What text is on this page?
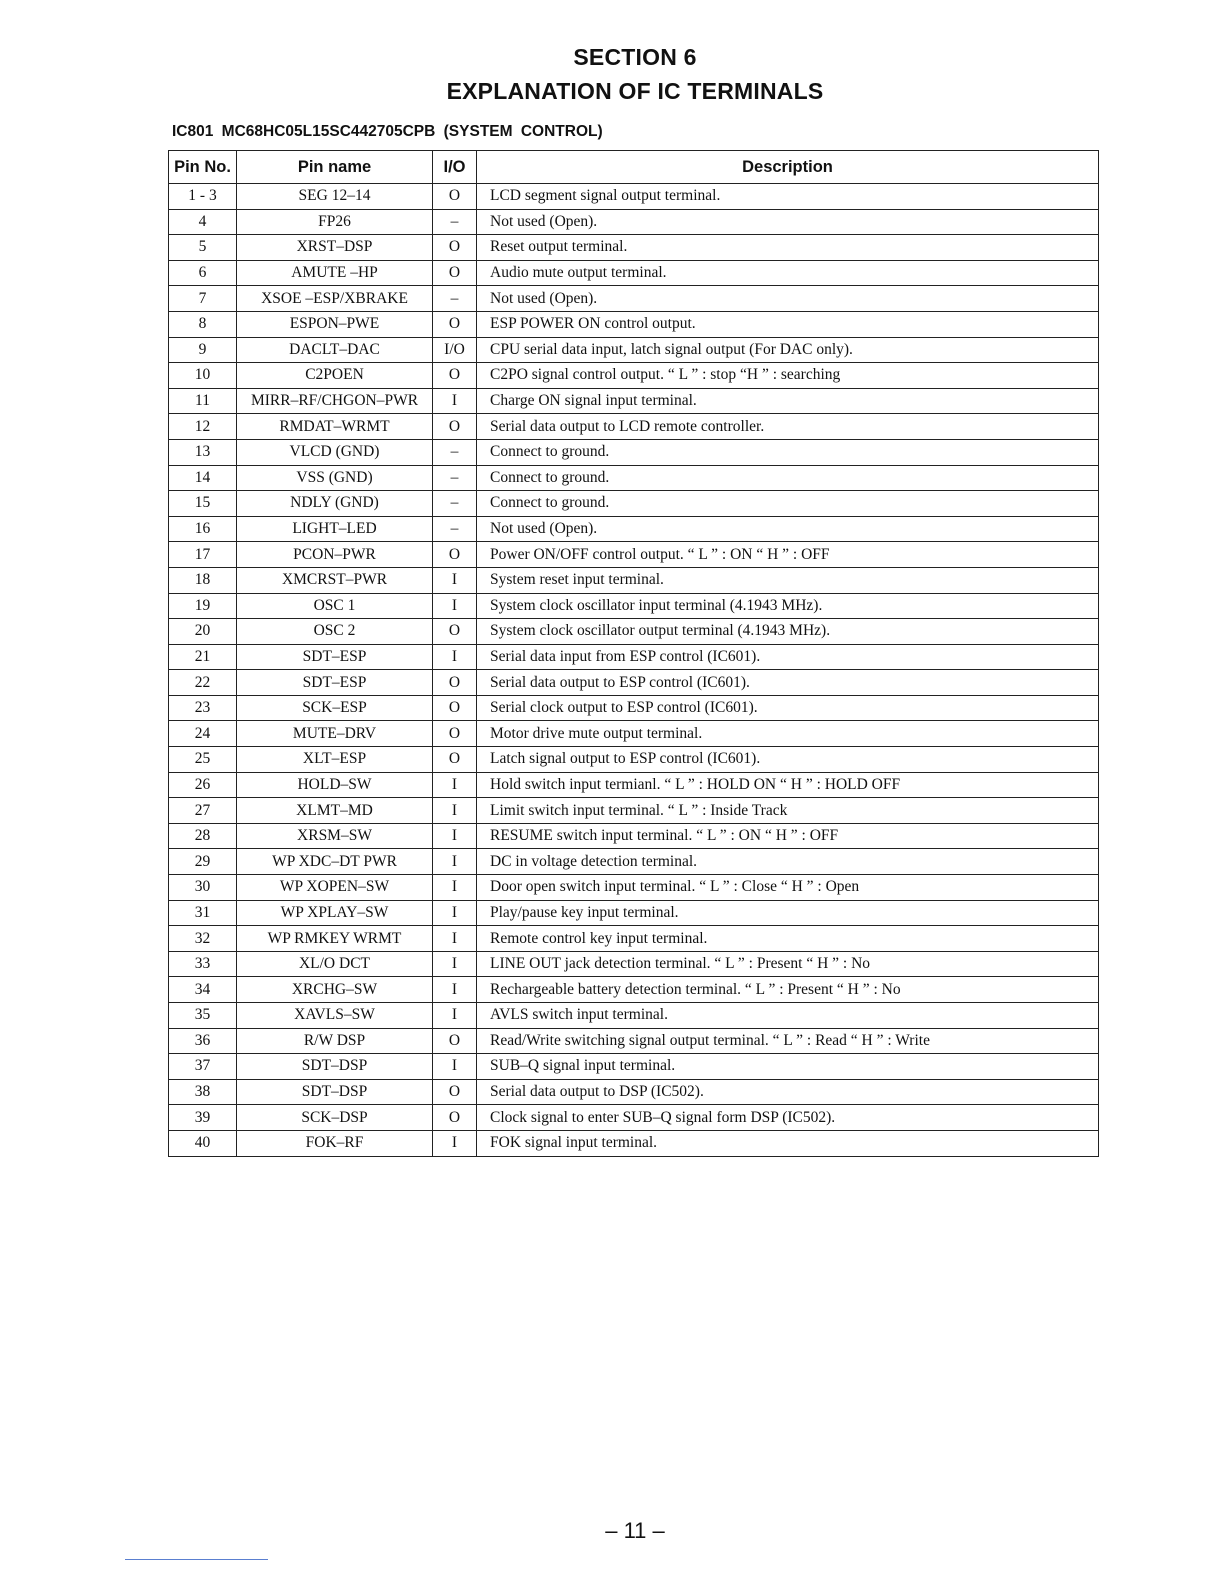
SECTION 6
EXPLANATION OF IC TERMINALS
IC801 MC68HC05L15SC442705CPB (SYSTEM CONTROL)
Pin No.	Pin name	I/O	Description
1 - 3	SEG 12–14	O	LCD segment signal output terminal.
4	FP26	–	Not used (Open).
5	XRST–DSP	O	Reset output terminal.
6	AMUTE –HP	O	Audio mute output terminal.
7	XSOE –ESP/XBRAKE	–	Not used (Open).
8	ESPON–PWE	O	ESP POWER ON control output.
9	DACLT–DAC	I/O	CPU serial data input, latch signal output (For DAC only).
10	C2POEN	O	C2PO signal control output. “ L ” : stop “H ” : searching
11	MIRR–RF/CHGON–PWR	I	Charge ON signal input terminal.
12	RMDAT–WRMT	O	Serial data output to LCD remote controller.
13	VLCD (GND)	–	Connect to ground.
14	VSS (GND)	–	Connect to ground.
15	NDLY (GND)	–	Connect to ground.
16	LIGHT–LED	–	Not used (Open).
17	PCON–PWR	O	Power ON/OFF control output. “ L ” : ON “ H ” : OFF
18	XMCRST–PWR	I	System reset input terminal.
19	OSC 1	I	System clock oscillator input terminal (4.1943 MHz).
20	OSC 2	O	System clock oscillator output terminal (4.1943 MHz).
21	SDT–ESP	I	Serial data input from ESP control (IC601).
22	SDT–ESP	O	Serial data output to ESP control (IC601).
23	SCK–ESP	O	Serial clock output to ESP control (IC601).
24	MUTE–DRV	O	Motor drive mute output terminal.
25	XLT–ESP	O	Latch signal output to ESP control (IC601).
26	HOLD–SW	I	Hold switch input termianl. “ L ” : HOLD ON “ H ” : HOLD OFF
27	XLMT–MD	I	Limit switch input terminal. “ L ” : Inside Track
28	XRSM–SW	I	RESUME switch input terminal. “ L ” : ON “ H ” : OFF
29	WP XDC–DT PWR	I	DC in voltage detection terminal.
30	WP XOPEN–SW	I	Door open switch input terminal. “ L ” : Close “ H ” : Open
31	WP XPLAY–SW	I	Play/pause key input terminal.
32	WP RMKEY WRMT	I	Remote control key input terminal.
33	XL/O DCT	I	LINE OUT jack detection terminal. “ L ” : Present “ H ” : No
34	XRCHG–SW	I	Rechargeable battery detection terminal. “ L ” : Present “ H ” : No
35	XAVLS–SW	I	AVLS switch input terminal.
36	R/W DSP	O	Read/Write switching signal output terminal. “ L ” : Read “ H ” : Write
37	SDT–DSP	I	SUB–Q signal input terminal.
38	SDT–DSP	O	Serial data output to DSP (IC502).
39	SCK–DSP	O	Clock signal to enter SUB–Q signal form DSP (IC502).
40	FOK–RF	I	FOK signal input terminal.
– 11 –
